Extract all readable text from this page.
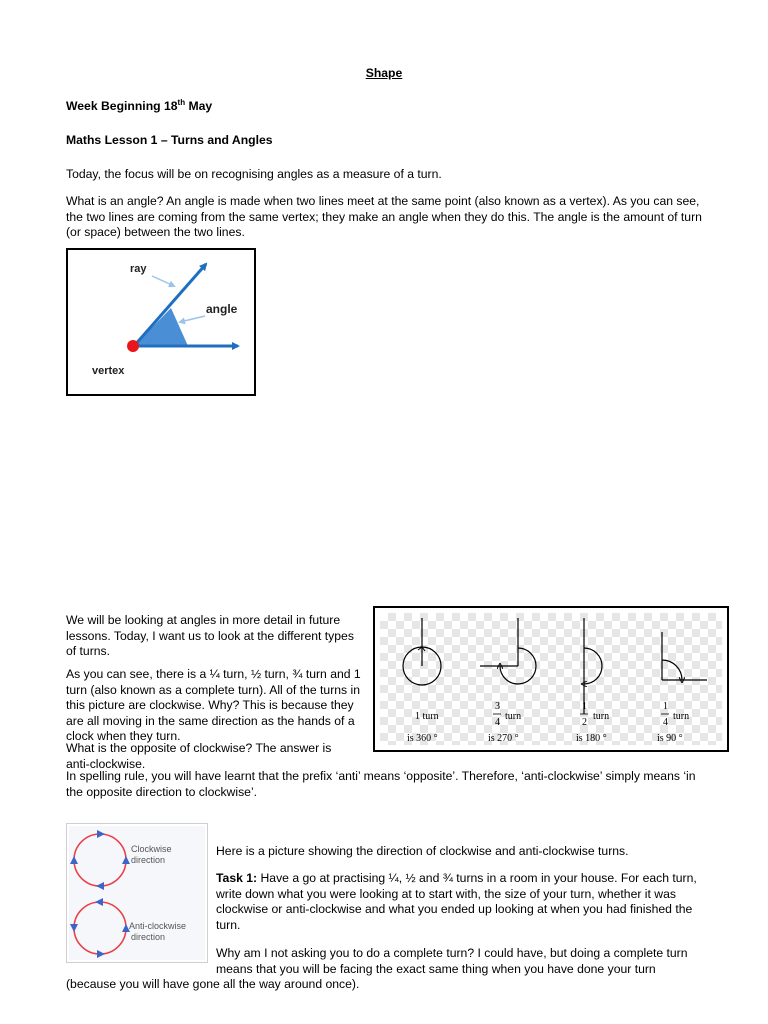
Shape
Week Beginning 18th May
Maths Lesson 1 – Turns and Angles

Today, the focus will be on recognising angles as a measure of a turn.

What is an angle? An angle is made when two lines meet at the same point (also known as a vertex). As you can see, the two lines are coming from the same vertex; they make an angle when they do this. The angle is the amount of turn (or space) between the two lines.

ray
angle
vertex

We will be looking at angles in more detail in future lessons. Today, I want us to look at the different types of turns.

As you can see, there is a ¼ turn, ½ turn, ¾ turn and 1 turn (also known as a complete turn). All of the turns in this picture are clockwise. Why? This is because they are all moving in the same direction as the hands of a clock when they turn.

What is the opposite of clockwise? The answer is anti-clockwise.

1 turn
is 360 °
3
4
turn
is 270 °
1
2
turn
is 180 °
1
4
turn
is 90 °

In spelling rule, you will have learnt that the prefix ‘anti’ means ‘opposite’. Therefore, ‘anti-clockwise’ simply means ‘in the opposite direction to clockwise’.

Clockwise
direction
Anti-clockwise
direction

Here is a picture showing the direction of clockwise and anti-clockwise turns.

Task 1: Have a go at practising ¼, ½ and ¾ turns in a room in your house. For each turn, write down what you were looking at to start with, the size of your turn, whether it was clockwise or anti-clockwise and what you ended up looking at when you had finished the turn.

Why am I not asking you to do a complete turn? I could have, but doing a complete turn means that you will be facing the exact same thing when you have done your turn

(because you will have gone all the way around once).
